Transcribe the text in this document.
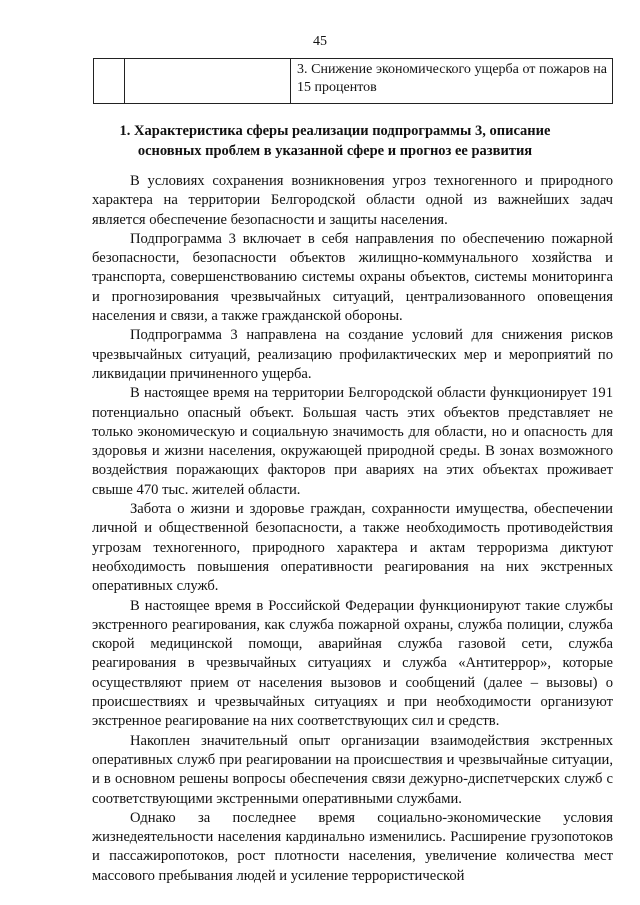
45
		3. Снижение экономического ущерба от пожаров на 15 процентов
1. Характеристика сферы реализации подпрограммы 3, описание основных проблем в указанной сфере и прогноз ее развития

В условиях сохранения возникновения угроз техногенного и природного характера на территории Белгородской области одной из важнейших задач является обеспечение безопасности и защиты населения.

Подпрограмма 3 включает в себя направления по обеспечению пожарной безопасности, безопасности объектов жилищно-коммунального хозяйства и транспорта, совершенствованию системы охраны объектов, системы мониторинга и прогнозирования чрезвычайных ситуаций, централизованного оповещения населения и связи, а также гражданской обороны.

Подпрограмма 3 направлена на создание условий для снижения рисков чрезвычайных ситуаций, реализацию профилактических мер и мероприятий по ликвидации причиненного ущерба.

В настоящее время на территории Белгородской области функционирует 191 потенциально опасный объект. Большая часть этих объектов представляет не только экономическую и социальную значимость для области, но и опасность для здоровья и жизни населения, окружающей природной среды. В зонах возможного воздействия поражающих факторов при авариях на этих объектах проживает свыше 470 тыс. жителей области.

Забота о жизни и здоровье граждан, сохранности имущества, обеспечении личной и общественной безопасности, а также необходимость противодействия угрозам техногенного, природного характера и актам терроризма диктуют необходимость повышения оперативности реагирования на них экстренных оперативных служб.

В настоящее время в Российской Федерации функционируют такие службы экстренного реагирования, как служба пожарной охраны, служба полиции, служба скорой медицинской помощи, аварийная служба газовой сети, служба реагирования в чрезвычайных ситуациях и служба «Антитеррор», которые осуществляют прием от населения вызовов и сообщений (далее – вызовы) о происшествиях и чрезвычайных ситуациях и при необходимости организуют экстренное реагирование на них соответствующих сил и средств.

Накоплен значительный опыт организации взаимодействия экстренных оперативных служб при реагировании на происшествия и чрезвычайные ситуации, и в основном решены вопросы обеспечения связи дежурно-диспетчерских служб с соответствующими экстренными оперативными службами.

Однако за последнее время социально-экономические условия жизнедеятельности населения кардинально изменились. Расширение грузопотоков и пассажиропотоков, рост плотности населения, увеличение количества мест массового пребывания людей и усиление террористической
